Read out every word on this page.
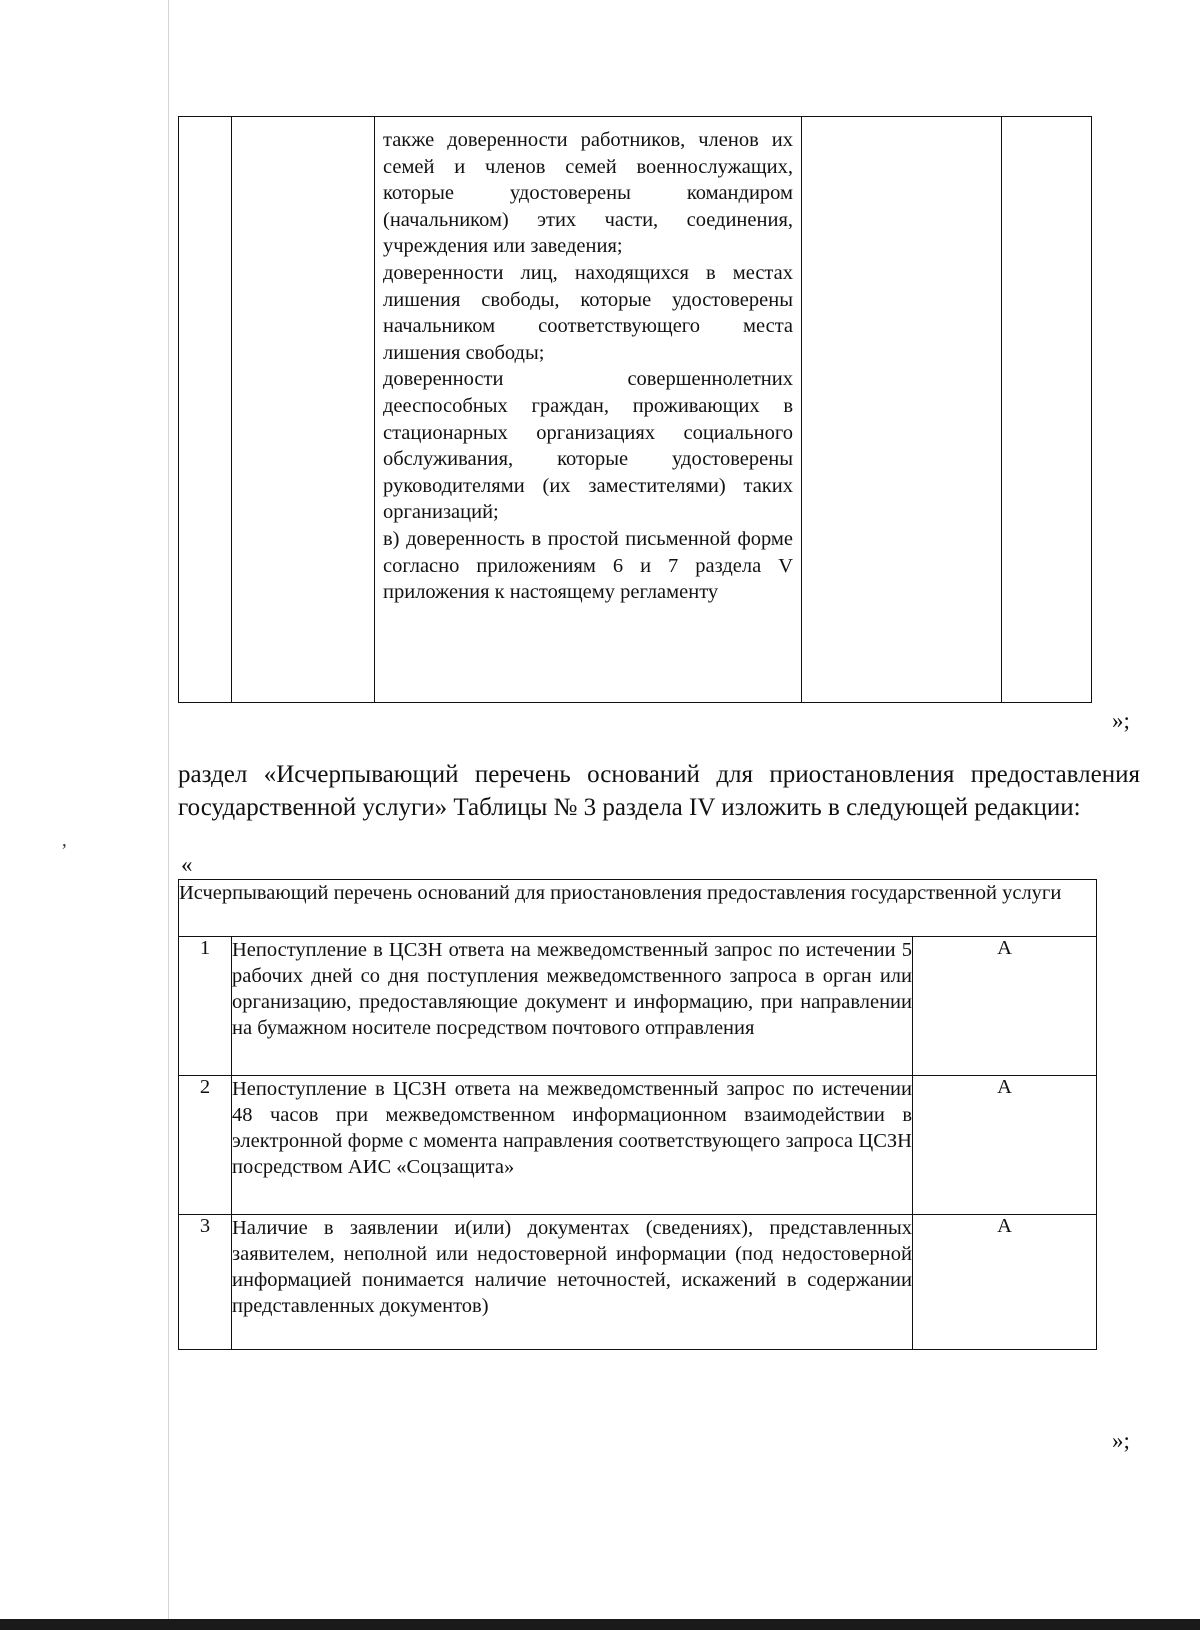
,

также доверенности работников, членов их семей и членов семей военнослужащих, которые удостоверены командиром (начальником) этих части, соединения, учреждения или заведения;

доверенности лиц, находящихся в местах лишения свободы, которые удостоверены начальником соответствующего места лишения свободы;

доверенности совершеннолетних дееспособных граждан, проживающих в стационарных организациях социального обслуживания, которые удостоверены руководителями (их заместителями) таких организаций;

в) доверенность в простой письменной форме согласно приложениям 6 и 7 раздела V приложения к настоящему регламенту

»;
раздел «Исчерпывающий перечень оснований для приостановления предоставления государственной услуги» Таблицы № 3 раздела IV изложить в следующей редакции:
«
Исчерпывающий перечень оснований для приостановления предоставления государственной услуги		
1	Непоступление в ЦСЗН ответа на межведомственный запрос по истечении 5 рабочих дней со дня поступления межведомственного запроса в орган или организацию, предоставляющие документ и информацию, при направлении на бумажном носителе посредством почтового отправления	А
2	Непоступление в ЦСЗН ответа на межведомственный запрос по истечении 48 часов при межведомственном информационном взаимодействии в электронной форме с момента направления соответствующего запроса ЦСЗН посредством АИС «Соцзащита»	А
3	Наличие в заявлении и(или) документах (сведениях), представленных заявителем, неполной или недостоверной информации (под недостоверной информацией понимается наличие неточностей, искажений в содержании представленных документов)	А
»;
